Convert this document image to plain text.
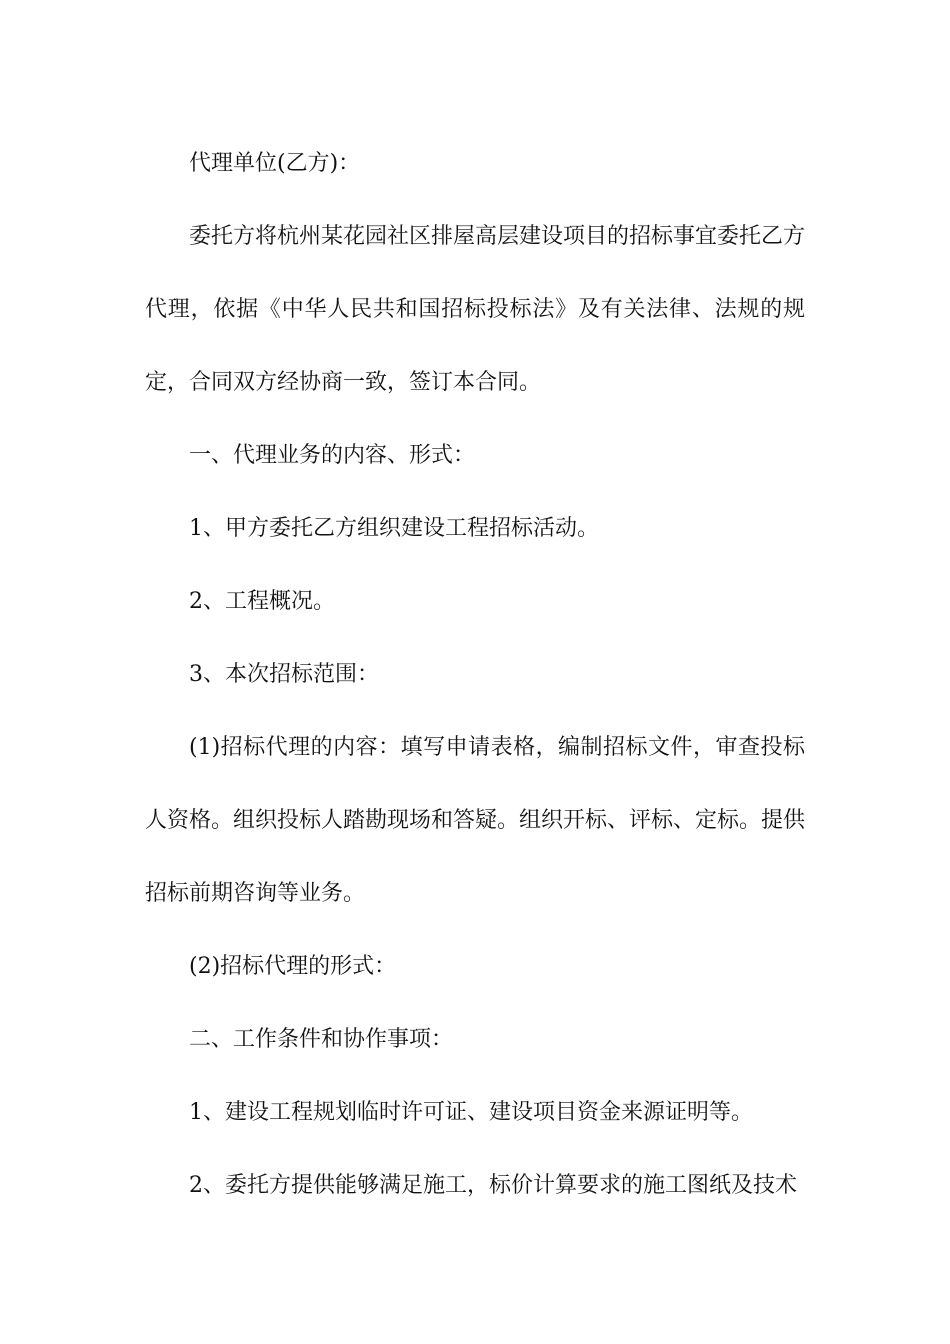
代理单位(乙方)：

委托方将杭州某花园社区排屋高层建设项目的招标事宜委托乙方代理，依据《中华人民共和国招标投标法》及有关法律、法规的规定，合同双方经协商一致，签订本合同。

一、代理业务的内容、形式：

1、甲方委托乙方组织建设工程招标活动。

2、工程概况。

3、本次招标范围：

(1)招标代理的内容：填写申请表格，编制招标文件，审查投标人资格。组织投标人踏勘现场和答疑。组织开标、评标、定标。提供招标前期咨询等业务。

(2)招标代理的形式：

二、工作条件和协作事项：

1、建设工程规划临时许可证、建设项目资金来源证明等。

2、委托方提供能够满足施工，标价计算要求的施工图纸及技术
